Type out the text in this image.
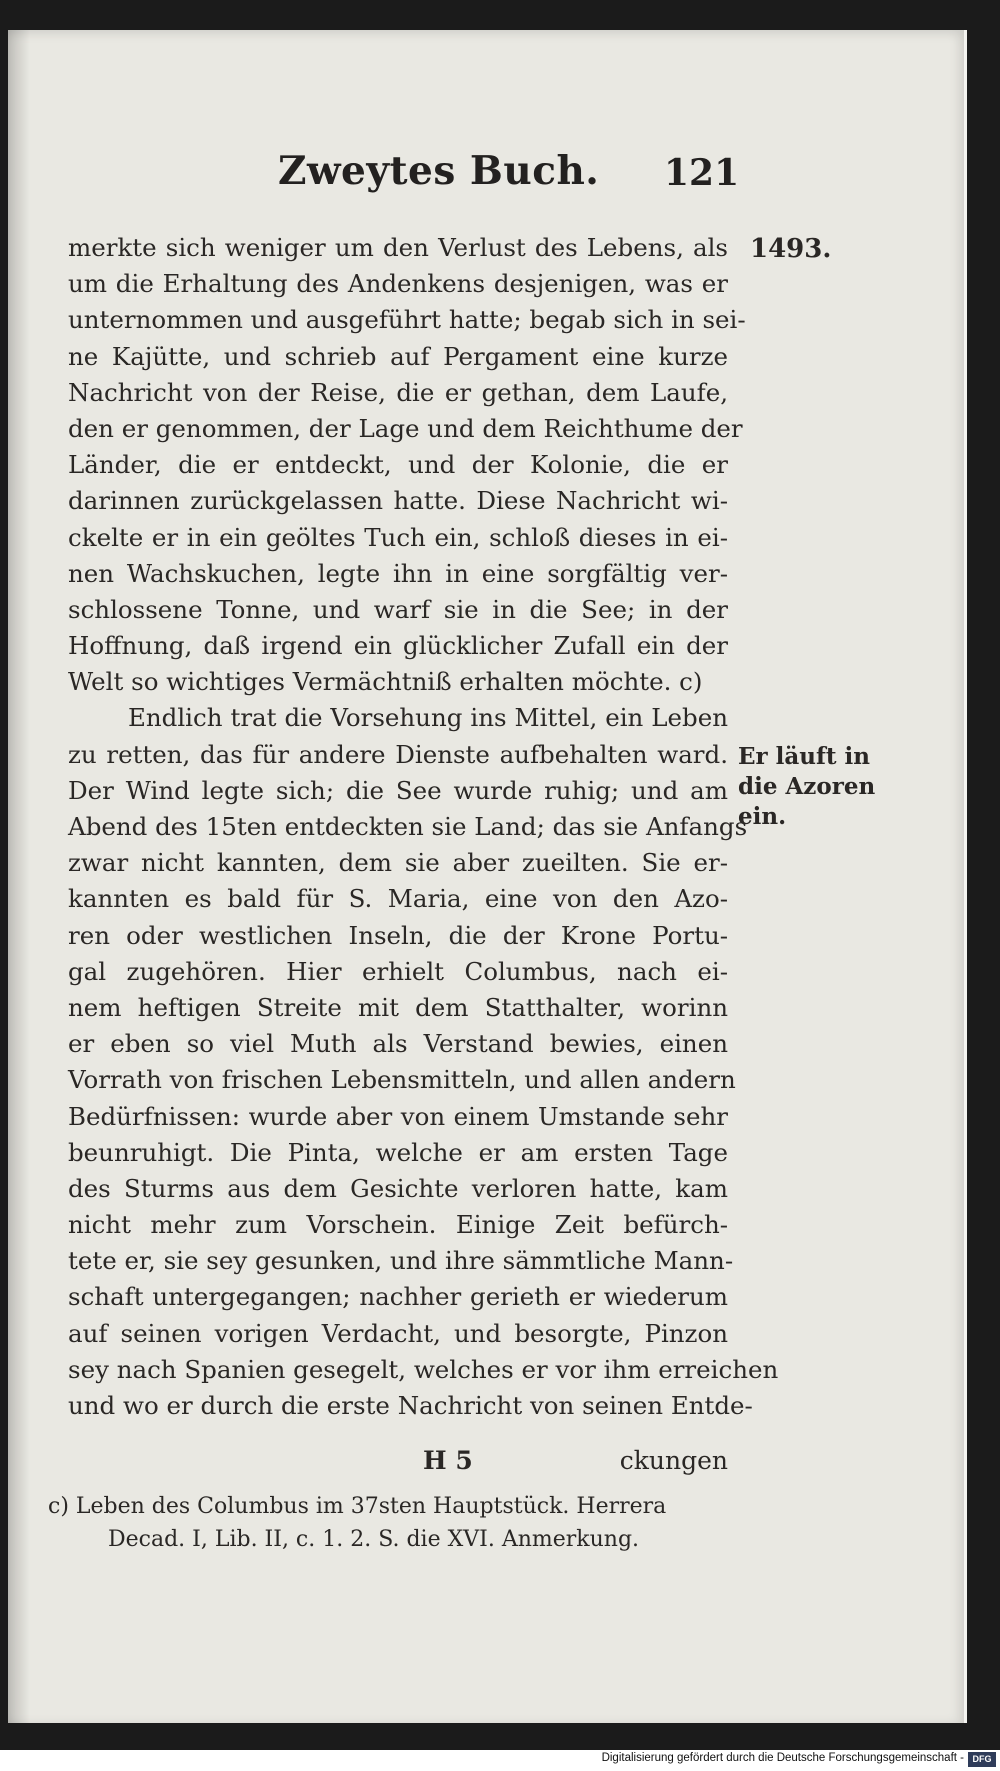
Zweytes Buch. 121
1493.
merkte sich weniger um den Verlust des Lebens, als
um die Erhaltung des Andenkens desjenigen, was er
unternommen und ausgeführt hatte; begab sich in sei-
ne Kajütte, und schrieb auf Pergament eine kurze
Nachricht von der Reise, die er gethan, dem Laufe,
den er genommen, der Lage und dem Reichthume der
Länder, die er entdeckt, und der Kolonie, die er
darinnen zurückgelassen hatte. Diese Nachricht wi-
ckelte er in ein geöltes Tuch ein, schloß dieses in ei-
nen Wachskuchen, legte ihn in eine sorgfältig ver-
schlossene Tonne, und warf sie in die See; in der
Hoffnung, daß irgend ein glücklicher Zufall ein der
Welt so wichtiges Vermächtniß erhalten möchte. c)
Endlich trat die Vorsehung ins Mittel, ein Leben
zu retten, das für andere Dienste aufbehalten ward.
Der Wind legte sich; die See wurde ruhig; und am
Abend des 15ten entdeckten sie Land; das sie Anfangs
zwar nicht kannten, dem sie aber zueilten. Sie er-
kannten es bald für S. Maria, eine von den Azo-
ren oder westlichen Inseln, die der Krone Portu-
gal zugehören. Hier erhielt Columbus, nach ei-
nem heftigen Streite mit dem Statthalter, worinn
er eben so viel Muth als Verstand bewies, einen
Vorrath von frischen Lebensmitteln, und allen andern
Bedürfnissen: wurde aber von einem Umstande sehr
beunruhigt. Die Pinta, welche er am ersten Tage
des Sturms aus dem Gesichte verloren hatte, kam
nicht mehr zum Vorschein. Einige Zeit befürch-
tete er, sie sey gesunken, und ihre sämmtliche Mann-
schaft untergegangen; nachher gerieth er wiederum
auf seinen vorigen Verdacht, und besorgte, Pinzon
sey nach Spanien gesegelt, welches er vor ihm erreichen
und wo er durch die erste Nachricht von seinen Entde-
Er läuft in
die Azoren
ein.
H 5	ckungen
c) Leben des Columbus im 37sten Hauptstück. Herrera
Decad. I, Lib. II, c. 1. 2. S. die XVI. Anmerkung.
Digitalisierung gefördert durch die Deutsche Forschungsgemeinschaft - DFG
